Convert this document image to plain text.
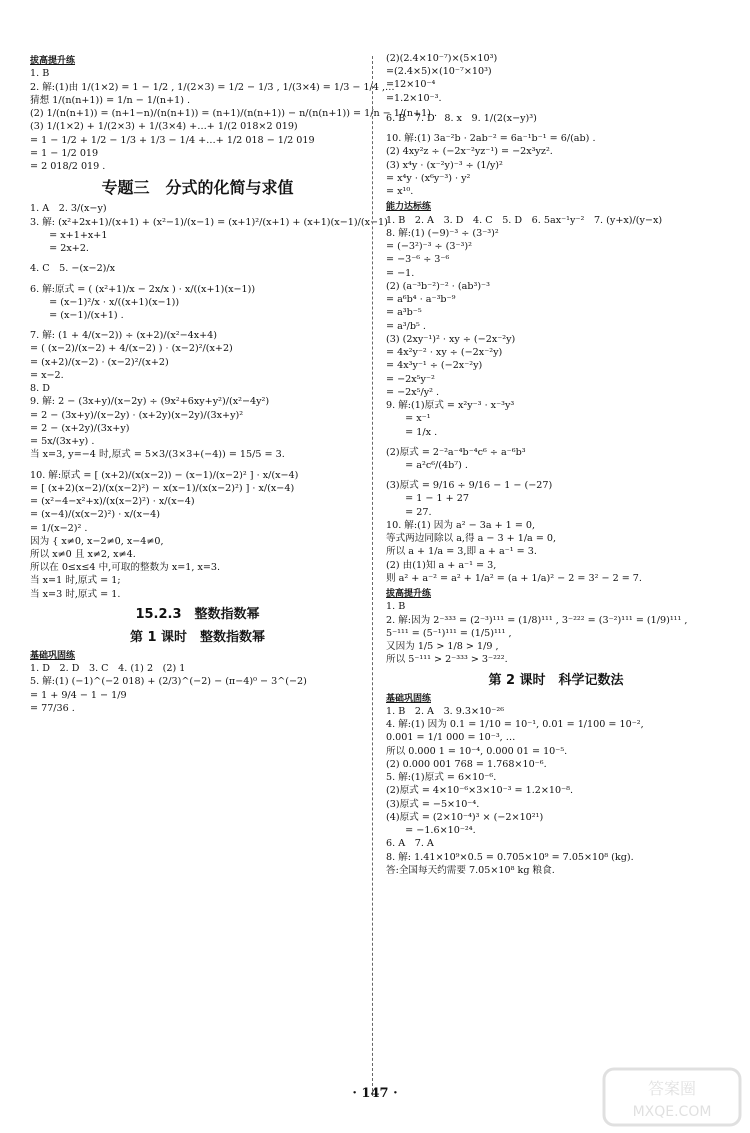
拔高提升练
1. B
2. 解:(1)由 1/(1×2) = 1 − 1/2 , 1/(2×3) = 1/2 − 1/3 , 1/(3×4) = 1/3 − 1/4 ,…
猜想 1/(n(n+1)) = 1/n − 1/(n+1) .
(2) 1/(n(n+1)) = (n+1−n)/(n(n+1)) = (n+1)/(n(n+1)) − n/(n(n+1)) = 1/n − 1/(n+1) .
(3) 1/(1×2) + 1/(2×3) + 1/(3×4) +…+ 1/(2 018×2 019)
= 1 − 1/2 + 1/2 − 1/3 + 1/3 − 1/4 +…+ 1/2 018 − 1/2 019
= 1 − 1/2 019
= 2 018/2 019 .
专题三　分式的化简与求值
1. A　2. 3/(x−y)
3. 解: (x²+2x+1)/(x+1) + (x²−1)/(x−1) = (x+1)²/(x+1) + (x+1)(x−1)/(x−1)
　　= x+1+x+1
　　= 2x+2.
4. C　5. −(x−2)/x
6. 解:原式 = ( (x²+1)/x − 2x/x ) · x/((x+1)(x−1))
　　= (x−1)²/x · x/((x+1)(x−1))
　　= (x−1)/(x+1) .
7. 解: (1 + 4/(x−2)) ÷ (x+2)/(x²−4x+4)
= ( (x−2)/(x−2) + 4/(x−2) ) · (x−2)²/(x+2)
= (x+2)/(x−2) · (x−2)²/(x+2)
= x−2.
8. D
9. 解: 2 − (3x+y)/(x−2y) ÷ (9x²+6xy+y²)/(x²−4y²)
= 2 − (3x+y)/(x−2y) · (x+2y)(x−2y)/(3x+y)²
= 2 − (x+2y)/(3x+y)
= 5x/(3x+y) .
当 x=3, y=−4 时,原式 = 5×3/(3×3+(−4)) = 15/5 = 3.
10. 解:原式 = [ (x+2)/(x(x−2)) − (x−1)/(x−2)² ] · x/(x−4)
= [ (x+2)(x−2)/(x(x−2)²) − x(x−1)/(x(x−2)²) ] · x/(x−4)
= (x²−4−x²+x)/(x(x−2)²) · x/(x−4)
= (x−4)/(x(x−2)²) · x/(x−4)
= 1/(x−2)² .
因为 { x≠0, x−2≠0, x−4≠0,
所以 x≠0 且 x≠2, x≠4.
所以在 0≤x≤4 中,可取的整数为 x=1, x=3.
当 x=1 时,原式 = 1;
当 x=3 时,原式 = 1.
15.2.3　整数指数幂
第 1 课时　整数指数幂
基础巩固练
1. D　2. D　3. C　4. (1) 2　(2) 1
5. 解:(1) (−1)^(−2 018) + (2/3)^(−2) − (π−4)⁰ − 3^(−2)
= 1 + 9/4 − 1 − 1/9
= 77/36 .
(2)(2.4×10⁻⁷)×(5×10³)
=(2.4×5)×(10⁻⁷×10³)
=12×10⁻⁴
=1.2×10⁻³.
6. B　7. D　8. x　9. 1/(2(x−y)³)
10. 解:(1) 3a⁻²b · 2ab⁻² = 6a⁻¹b⁻¹ = 6/(ab) .
(2) 4xy²z ÷ (−2x⁻²yz⁻¹) = −2x³yz².
(3) x⁴y · (x⁻²y)⁻³ ÷ (1/y)²
= x⁴y · (x⁶y⁻³) · y²
= x¹⁰.
能力达标练
1. B　2. A　3. D　4. C　5. D　6. 5ax⁻¹y⁻²　7. (y+x)/(y−x)
8. 解:(1) (−9)⁻³ ÷ (3⁻³)²
= (−3²)⁻³ ÷ (3⁻³)²
= −3⁻⁶ ÷ 3⁻⁶
= −1.
(2) (a⁻³b⁻²)⁻² · (ab³)⁻³
= a⁶b⁴ · a⁻³b⁻⁹
= a³b⁻⁵
= a³/b⁵ .
(3) (2xy⁻¹)² · xy ÷ (−2x⁻²y)
= 4x²y⁻² · xy ÷ (−2x⁻²y)
= 4x³y⁻¹ ÷ (−2x⁻²y)
= −2x⁵y⁻²
= −2x⁵/y² .
9. 解:(1)原式 = x²y⁻³ · x⁻³y³
　　= x⁻¹
　　= 1/x .
(2)原式 = 2⁻²a⁻⁴b⁻⁴c⁶ ÷ a⁻⁶b³
　　= a²c⁶/(4b⁷) .
(3)原式 = 9/16 ÷ 9/16 − 1 − (−27)
　　= 1 − 1 + 27
　　= 27.
10. 解:(1) 因为 a² − 3a + 1 = 0,
等式两边同除以 a,得 a − 3 + 1/a = 0,
所以 a + 1/a = 3,即 a + a⁻¹ = 3.
(2) 由(1)知 a + a⁻¹ = 3,
则 a² + a⁻² = a² + 1/a² = (a + 1/a)² − 2 = 3² − 2 = 7.
拔高提升练
1. B
2. 解:因为 2⁻³³³ = (2⁻³)¹¹¹ = (1/8)¹¹¹ , 3⁻²²² = (3⁻²)¹¹¹ = (1/9)¹¹¹ ,
5⁻¹¹¹ = (5⁻¹)¹¹¹ = (1/5)¹¹¹ ,
又因为 1/5 > 1/8 > 1/9 ,
所以 5⁻¹¹¹ > 2⁻³³³ > 3⁻²²².
第 2 课时　科学记数法
基础巩固练
1. B　2. A　3. 9.3×10⁻²⁶
4. 解:(1) 因为 0.1 = 1/10 = 10⁻¹, 0.01 = 1/100 = 10⁻²,
0.001 = 1/1 000 = 10⁻³, …
所以 0.000 1 = 10⁻⁴, 0.000 01 = 10⁻⁵.
(2) 0.000 001 768 = 1.768×10⁻⁶.
5. 解:(1)原式 = 6×10⁻⁶.
(2)原式 = 4×10⁻⁶×3×10⁻³ = 1.2×10⁻⁸.
(3)原式 = −5×10⁻⁴.
(4)原式 = (2×10⁻⁴)³ × (−2×10²¹)
　　= −1.6×10⁻²⁴.
6. A　7. A
8. 解: 1.41×10⁹×0.5 = 0.705×10⁹ = 7.05×10⁸ (kg).
答:全国每天约需要 7.05×10⁸ kg 粮食.
· 147 ·	答案圈
MXQE.COM
